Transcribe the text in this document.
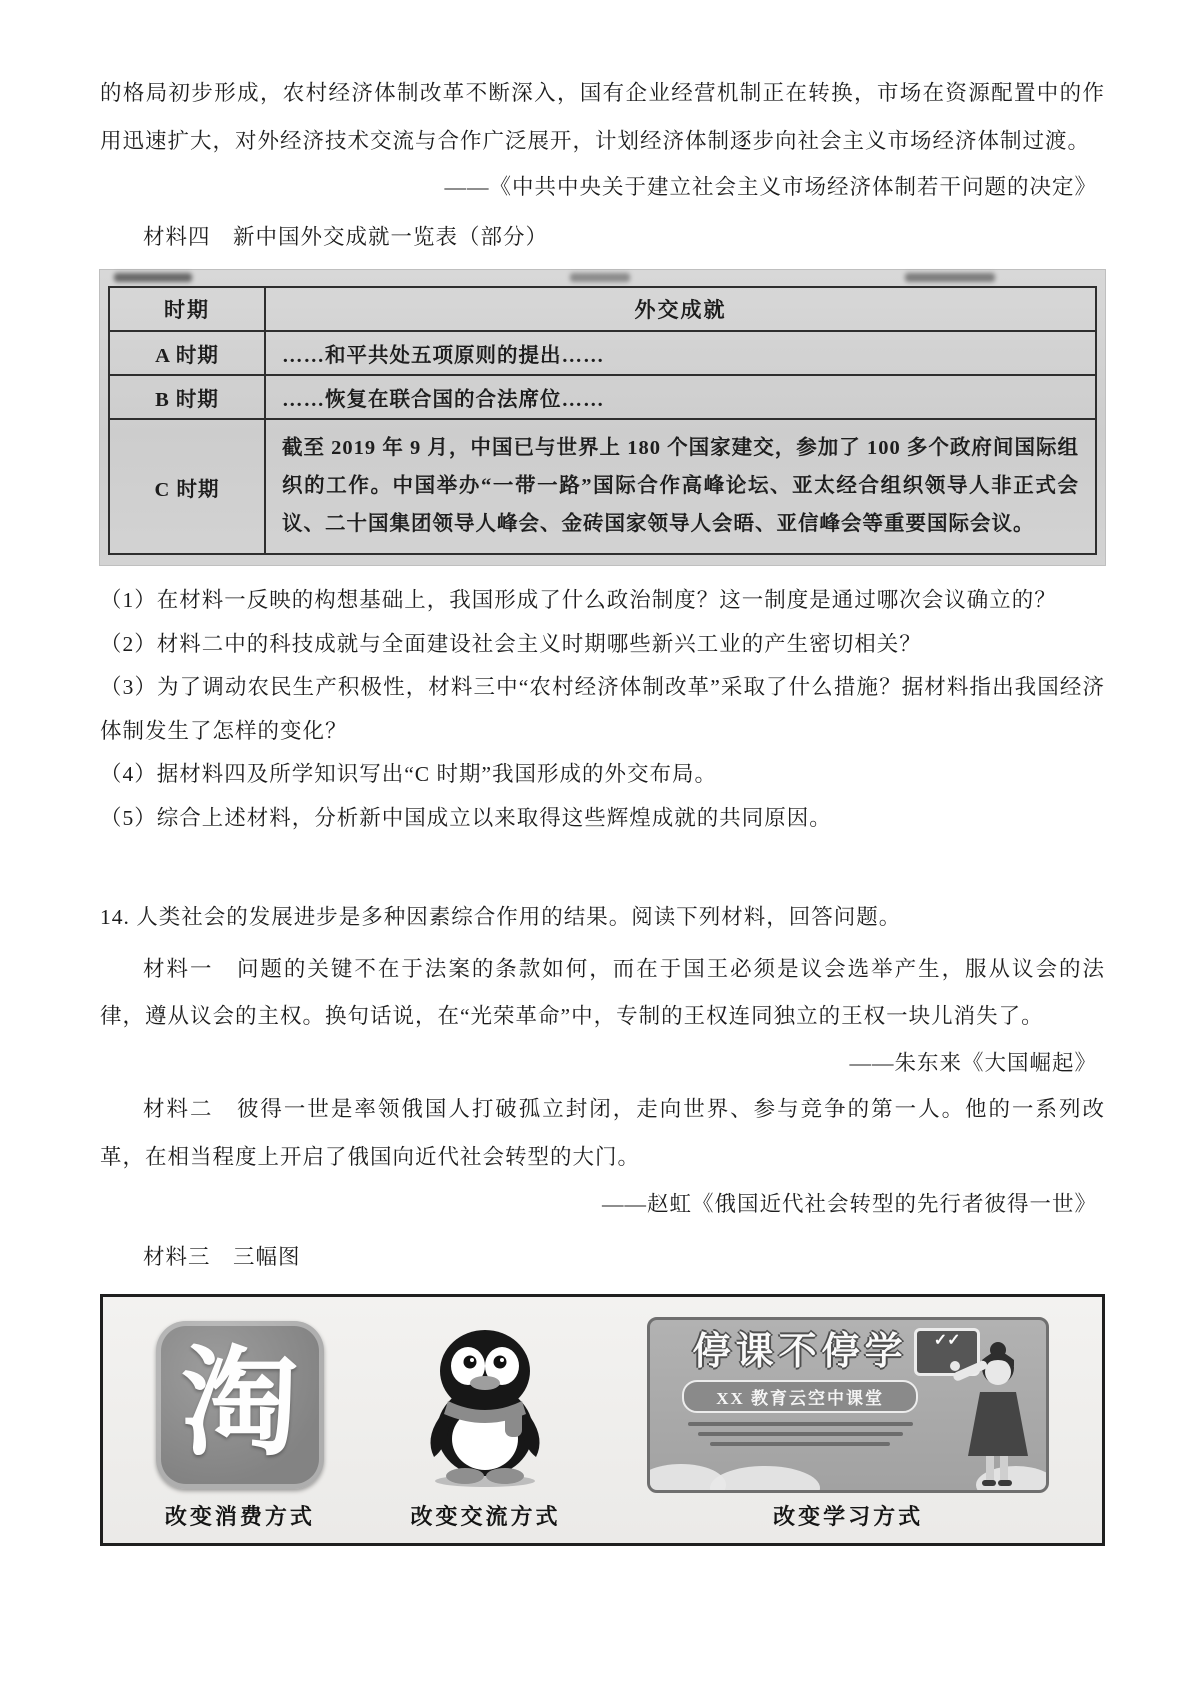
的格局初步形成，农村经济体制改革不断深入，国有企业经营机制正在转换，市场在资源配置中的作用迅速扩大，对外经济技术交流与合作广泛展开，计划经济体制逐步向社会主义市场经济体制过渡。

——《中共中央关于建立社会主义市场经济体制若干问题的决定》

材料四　新中国外交成就一览表（部分）

时期	外交成就
A 时期	……和平共处五项原则的提出……
B 时期	……恢复在联合国的合法席位……
C 时期	截至 2019 年 9 月，中国已与世界上 180 个国家建交，参加了 100 多个政府间国际组织的工作。中国举办“一带一路”国际合作高峰论坛、亚太经合组织领导人非正式会议、二十国集团领导人峰会、金砖国家领导人会晤、亚信峰会等重要国际会议。

（1）在材料一反映的构想基础上，我国形成了什么政治制度？这一制度是通过哪次会议确立的？

（2）材料二中的科技成就与全面建设社会主义时期哪些新兴工业的产生密切相关？

（3）为了调动农民生产积极性，材料三中“农村经济体制改革”采取了什么措施？据材料指出我国经济体制发生了怎样的变化？

（4）据材料四及所学知识写出“C 时期”我国形成的外交布局。

（5）综合上述材料，分析新中国成立以来取得这些辉煌成就的共同原因。

14. 人类社会的发展进步是多种因素综合作用的结果。阅读下列材料，回答问题。

材料一　问题的关键不在于法案的条款如何，而在于国王必须是议会选举产生，服从议会的法律，遵从议会的主权。换句话说，在“光荣革命”中，专制的王权连同独立的王权一块儿消失了。

——朱东来《大国崛起》

材料二　彼得一世是率领俄国人打破孤立封闭，走向世界、参与竞争的第一人。他的一系列改革，在相当程度上开启了俄国向近代社会转型的大门。

——赵虹《俄国近代社会转型的先行者彼得一世》

材料三　三幅图

淘
改变消费方式	改变交流方式
停课不停学
XX 教育云空中课堂
✓✓
改变学习方式
